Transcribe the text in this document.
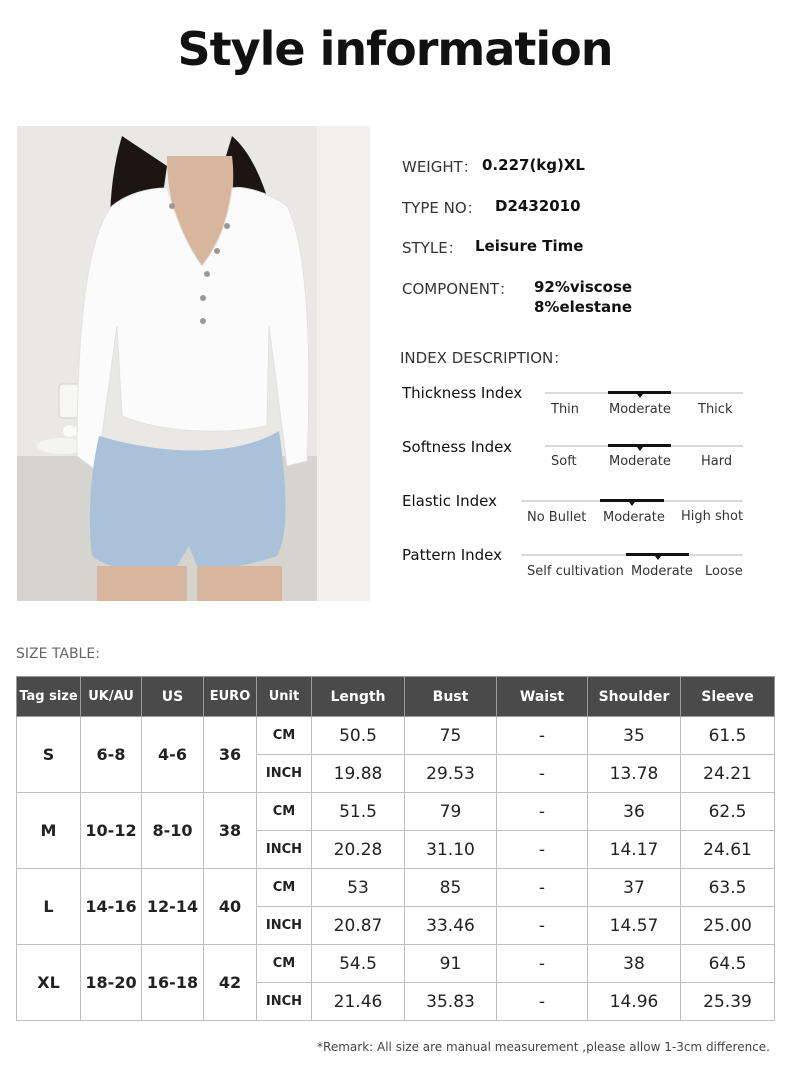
Style information
WEIGHT： 0.227(kg)XL
TYPE NO： D2432010
STYLE： Leisure Time
COMPONENT： 92%viscose
8%elestane
INDEX DESCRIPTION：
Thickness Index
Thin Moderate Thick
Softness Index
Soft Moderate Hard
Elastic Index
No Bullet Moderate High shot
Pattern Index
Self cultivation Moderate Loose
SIZE TABLE:
Tag size	UK/AU	US	EURO	Unit	Length	Bust	Waist	Shoulder	Sleeve
S	6-8	4-6	36	CM	50.5	75	-	35	61.5
				INCH	19.88	29.53	-	13.78	24.21
M	10-12	8-10	38	CM	51.5	79	-	36	62.5
				INCH	20.28	31.10	-	14.17	24.61
L	14-16	12-14	40	CM	53	85	-	37	63.5
				INCH	20.87	33.46	-	14.57	25.00
XL	18-20	16-18	42	CM	54.5	91	-	38	64.5
				INCH	21.46	35.83	-	14.96	25.39
*Remark: All size are manual measurement ,please allow 1-3cm difference.
